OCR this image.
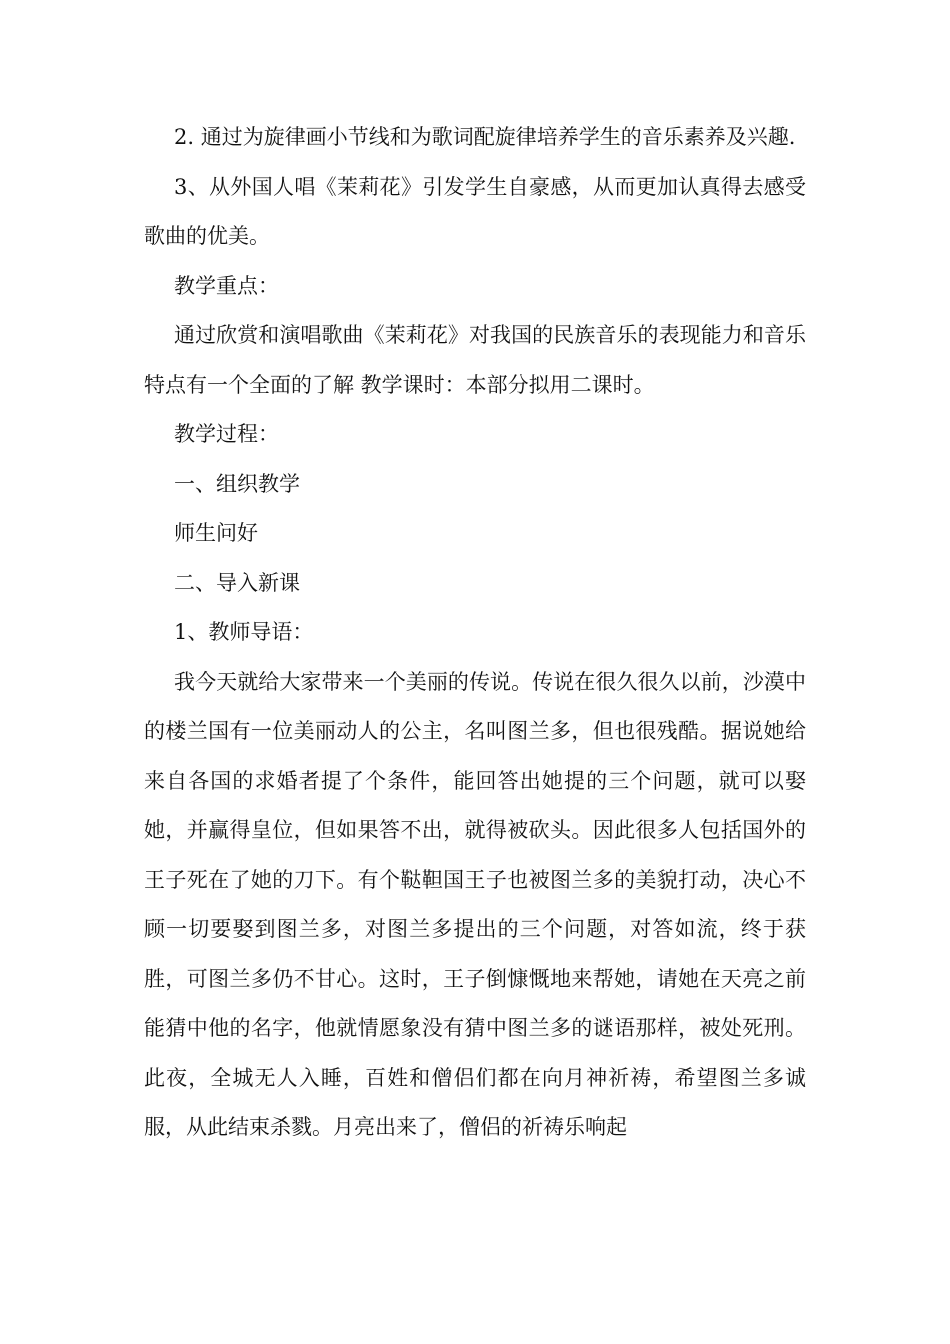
2. 通过为旋律画小节线和为歌词配旋律培养学生的音乐素养及兴趣.

3、从外国人唱《茉莉花》引发学生自豪感，从而更加认真得去感受歌曲的优美。

教学重点：

通过欣赏和演唱歌曲《茉莉花》对我国的民族音乐的表现能力和音乐特点有一个全面的了解 教学课时：本部分拟用二课时。

教学过程：

一、组织教学

师生问好

二、导入新课

1、教师导语：

我今天就给大家带来一个美丽的传说。传说在很久很久以前，沙漠中的楼兰国有一位美丽动人的公主，名叫图兰多，但也很残酷。据说她给来自各国的求婚者提了个条件，能回答出她提的三个问题，就可以娶她，并赢得皇位，但如果答不出，就得被砍头。因此很多人包括国外的王子死在了她的刀下。有个鞑靼国王子也被图兰多的美貌打动，决心不顾一切要娶到图兰多，对图兰多提出的三个问题，对答如流，终于获胜，可图兰多仍不甘心。这时，王子倒慷慨地来帮她，请她在天亮之前能猜中他的名字，他就情愿象没有猜中图兰多的谜语那样，被处死刑。此夜，全城无人入睡，百姓和僧侣们都在向月神祈祷，希望图兰多诚服，从此结束杀戮。月亮出来了，僧侣的祈祷乐响起
